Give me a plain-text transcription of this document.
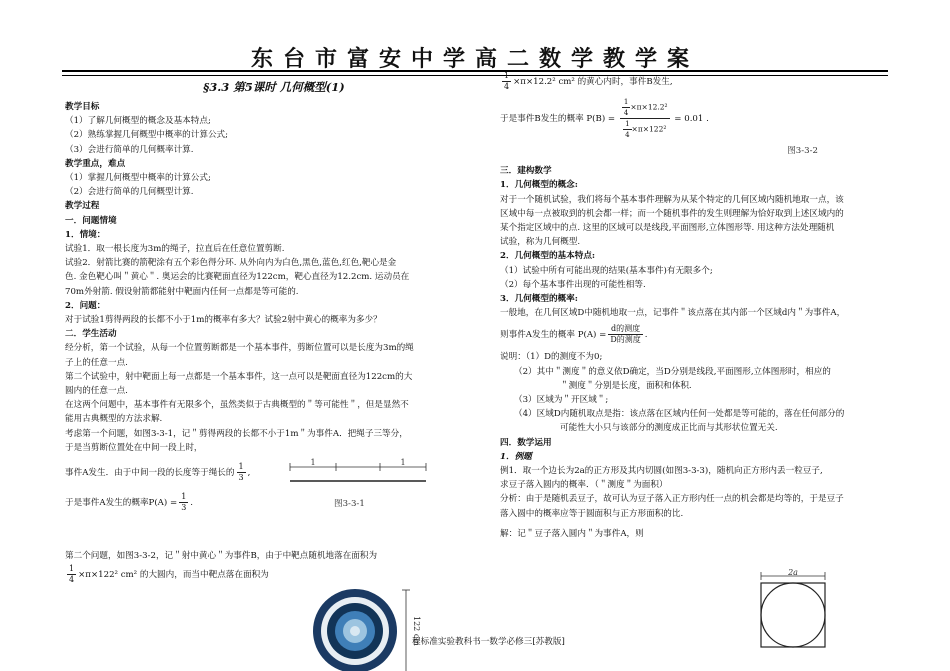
东台市富安中学高二数学教学案
§3.3 第5课时 几何概型(1)
教学目标
（1）了解几何概型的概念及基本特点;
（2）熟练掌握几何概型中概率的计算公式;
（3）会进行简单的几何概率计算.
教学重点，难点
（1）掌握几何概型中概率的计算公式;
（2）会进行简单的几何概型计算.
教学过程
一．问题情境
1．情境：
试验1．取一根长度为3m的绳子，拉直后在任意位置剪断.
试验2．射箭比赛的箭靶涂有五个彩色得分环. 从外向内为白色,黑色,蓝色,红色,靶心是金
色. 金色靶心叫＂黄心＂. 奥运会的比赛靶面直径为122cm，靶心直径为12.2cm. 运动员在
70m外射箭. 假设射箭都能射中靶面内任何一点都是等可能的.
2．问题：
对于试验1剪得两段的长都不小于1m的概率有多大？试验2射中黄心的概率为多少？
二．学生活动
经分析，第一个试验，从每一个位置剪断都是一个基本事件，剪断位置可以是长度为3m的绳
子上的任意一点.
第二个试验中，射中靶面上每一点都是一个基本事件，这一点可以是靶面直径为122cm的大
圆内的任意一点.
在这两个问题中，基本事件有无限多个，虽然类似于古典概型的＂等可能性＂，但是显然不
能用古典概型的方法求解.
考虑第一个问题，如图3-3-1，记＂剪得两段的长都不小于1m＂为事件A．把绳子三等分，
于是当剪断位置处在中间一段上时，
事件A发生．由于中间一段的长度等于绳长的 $\frac{1}{3}$ ,
于是事件A发生的概率$P(A) = \frac{1}{3}$ .
第二个问题，如图3-3-2，记＂射中黄心＂为事件B，由于中靶点随机地落在面积为
$\frac{1}{4} \times\pi\times 122^2$ cm² 的大圆内，而当中靶点落在面积为
1	1
图3-3-1
122 cm
$\frac{1}{4} \times\pi\times 12.2^2$ cm² 的黄心内时，事件B发生,
于是事件B发生的概率 $P(B) = \frac{\frac{1}{4} \times\pi\times 12.2^2}{\frac{1}{4} \times\pi\times 122^2} = 0.01$ .
图3-3-2
三．建构数学
1．几何概型的概念:
对于一个随机试验，我们将每个基本事件理解为从某个特定的几何区域内随机地取一点，该
区域中每一点被取到的机会都一样；而一个随机事件的发生则理解为恰好取到上述区域内的
某个指定区域中的点. 这里的区域可以是线段,平面图形,立体图形等. 用这种方法处理随机
试验，称为几何概型.
2．几何概型的基本特点:
（1）试验中所有可能出现的结果(基本事件)有无限多个;
（2）每个基本事件出现的可能性相等.
3．几何概型的概率:
一般地，在几何区域D中随机地取一点，记事件＂该点落在其内部一个区域d内＂为事件A，
则事件A发生的概率 $P(A) = \frac{\text{d的测度}}{\text{D的测度}}$ .
说明：（1）D的测度不为0;
（2）其中＂测度＂的意义依D确定，当D分别是线段,平面图形,立体图形时，相应的
＂测度＂分别是长度，面积和体积.
（3）区域为＂开区域＂;
（4）区域D内随机取点是指：该点落在区域内任何一处都是等可能的，落在任何部分的
可能性大小只与该部分的测度成正比而与其形状位置无关.
四．数学运用
1．例题
例1．取一个边长为2a的正方形及其内切圆(如图3-3-3)，随机向正方形内丢一粒豆子,
求豆子落入圆内的概率．（＂测度＂为面积）
分析：由于是随机丢豆子，故可认为豆子落入正方形内任一点的机会都是均等的，于是豆子
落入圆中的概率应等于圆面积与正方形面积的比.
解：记＂豆子落入圆内＂为事件A，则
2a
程标准实验教科书一数学必修三[苏教版]
